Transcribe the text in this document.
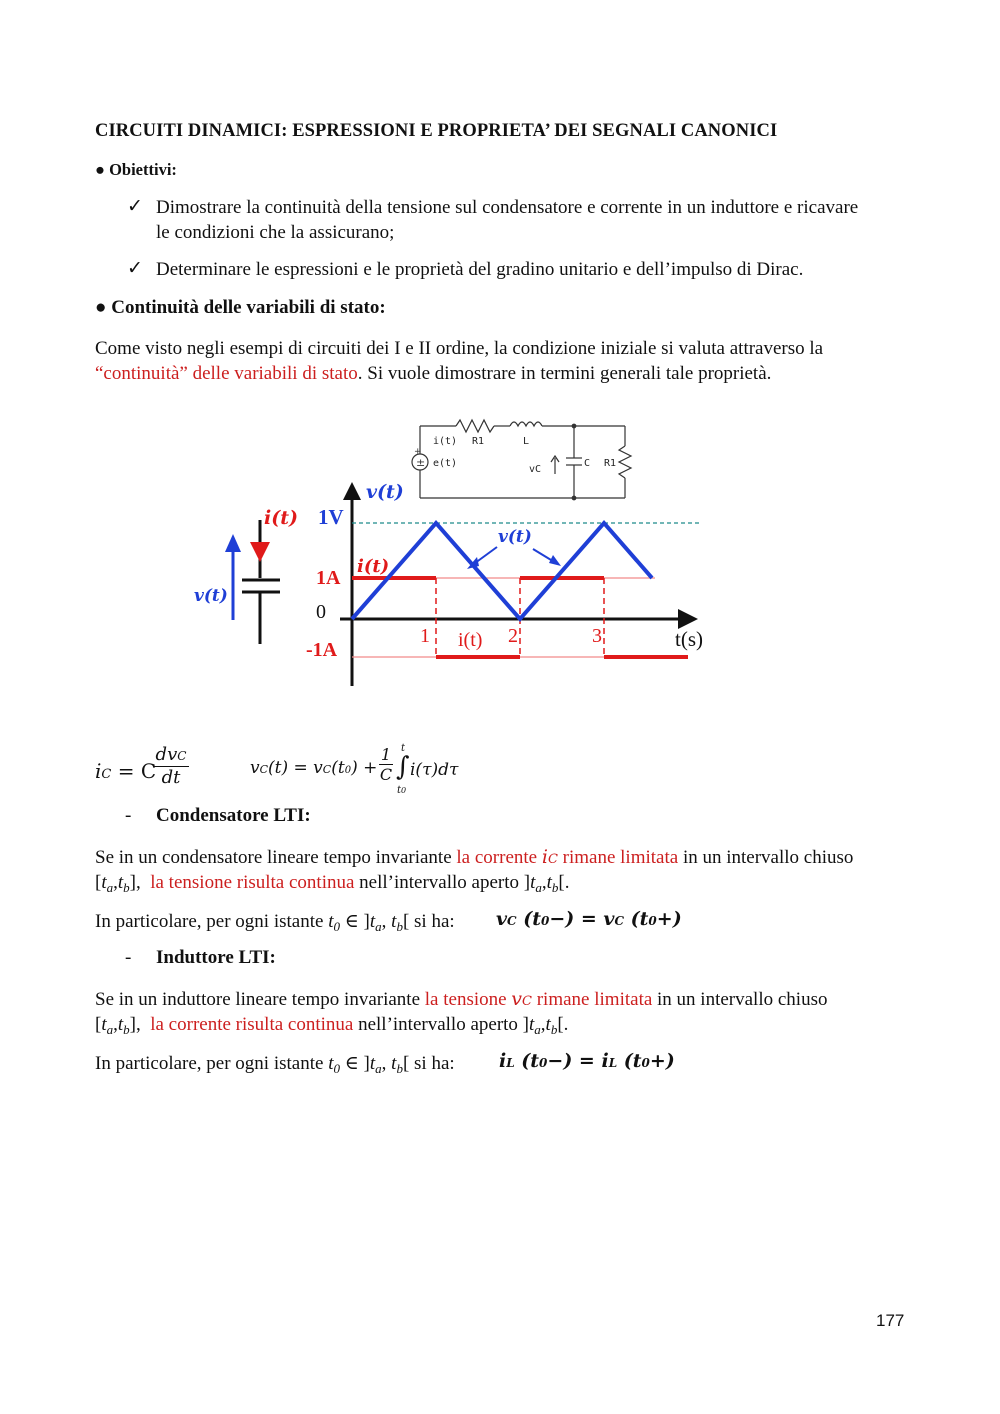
CIRCUITI DINAMICI: ESPRESSIONI E PROPRIETA’ DEI SEGNALI CANONICI
● Obiettivi:
✓ Dimostrare la continuità della tensione sul condensatore e corrente in un induttore e ricavare
le condizioni che la assicurano;
✓ Determinare le espressioni e le proprietà del gradino unitario e dell’impulso di Dirac.
● Continuità delle variabili di stato:
Come visto negli esempi di circuiti dei I e II ordine, la condizione iniziale si valuta attraverso la
“continuità” delle variabili di stato. Si vuole dimostrare in termini generali tale proprietà.
+
±
i(t) R1	L
e(t)
vC
C R1
i(t)
v(t)
v(t)
1V
1A
0
-1A
i(t)
v(t)
1	2	3
i(t)	t(s)
iC = C
dvC
dt	vC(t) = vC(t0) +
1
C ∫
t
t0
i(τ)dτ
- Condensatore LTI:
Se in un condensatore lineare tempo invariante la corrente iC rimane limitata in un intervallo chiuso
$[t_a,t_b]$,  la tensione risulta continua nell’intervallo aperto ]$t_a,t_b$[.
In particolare, per ogni istante $t_0$ ∈ ]$t_a$, $t_b$[ si ha:	vC (t0−) = vC (t0+)
- Induttore LTI:
Se in un induttore lineare tempo invariante la tensione vC rimane limitata in un intervallo chiuso
$[t_a,t_b]$,  la corrente risulta continua nell’intervallo aperto ]$t_a,t_b$[.
In particolare, per ogni istante $t_0$ ∈ ]$t_a$, $t_b$[ si ha:	iL (t0−) = iL (t0+)
177
